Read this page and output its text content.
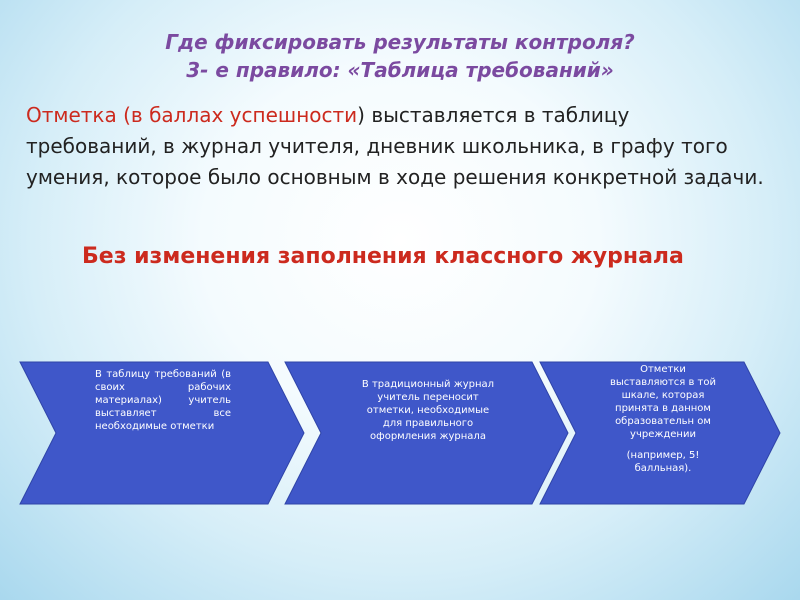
Где фиксировать результаты контроля?
3- е правило: «Таблица требований»
Отметка (в баллах успешности) выставляется в таблицу требований, в журнал учителя, дневник школьника, в графу того умения, которое было основным в ходе решения конкретной задачи.
Без изменения заполнения классного журнала
В таблицу требований (в своих рабочих материалах) учитель выставляет все необходимые отметки
В традиционный журнал учитель переносит отметки, необходимые для правильного оформления журнала
Отметки выставляются в той шкале, которая принята в данном образовательн ом учреждении
(например, 5! балльная).
